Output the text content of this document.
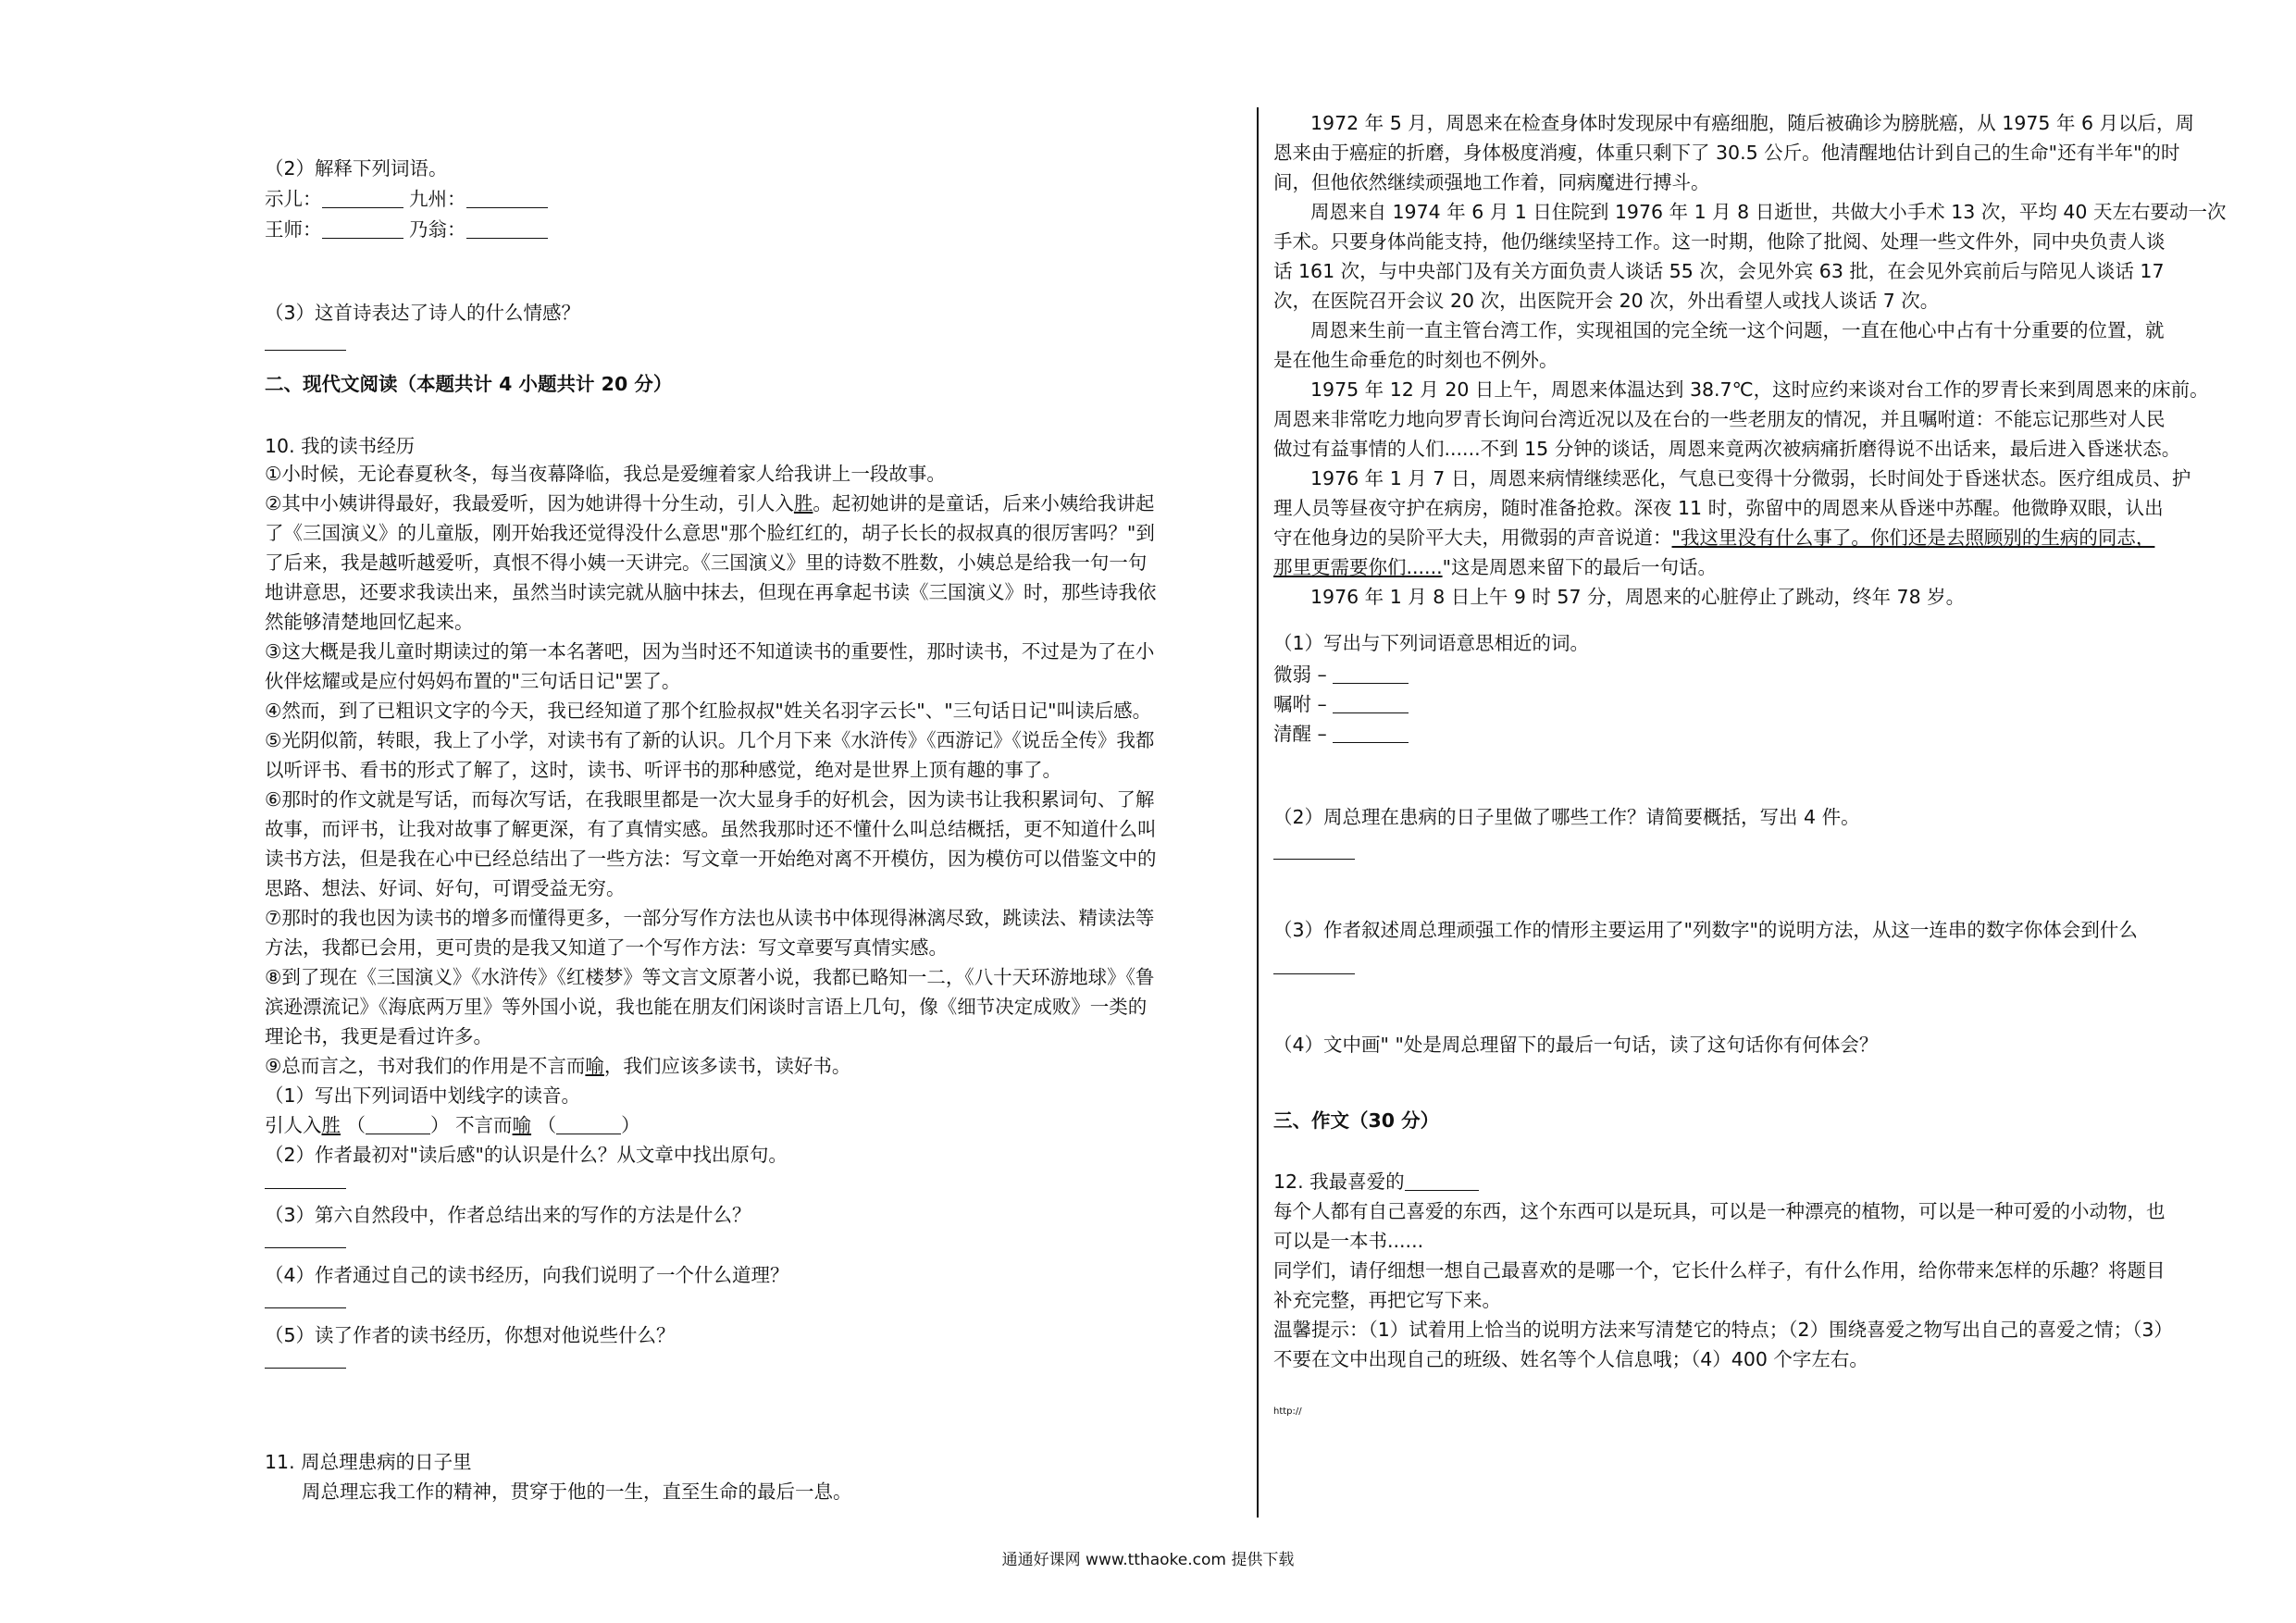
（2）解释下列词语。
示儿：	九州：
王师：	乃翁：
（3）这首诗表达了诗人的什么情感？
二、现代文阅读（本题共计 4 小题共计 20 分）
10. 我的读书经历
①小时候，无论春夏秋冬，每当夜幕降临，我总是爱缠着家人给我讲上一段故事。
②其中小姨讲得最好，我最爱听，因为她讲得十分生动，引人入胜。起初她讲的是童话，后来小姨给我讲起
了《三国演义》的儿童版，刚开始我还觉得没什么意思"那个脸红红的，胡子长长的叔叔真的很厉害吗？"到
了后来，我是越听越爱听，真恨不得小姨一天讲完。《三国演义》里的诗数不胜数，小姨总是给我一句一句
地讲意思，还要求我读出来，虽然当时读完就从脑中抹去，但现在再拿起书读《三国演义》时，那些诗我依
然能够清楚地回忆起来。
③这大概是我儿童时期读过的第一本名著吧，因为当时还不知道读书的重要性，那时读书，不过是为了在小
伙伴炫耀或是应付妈妈布置的"三句话日记"罢了。
④然而，到了已粗识文字的今天，我已经知道了那个红脸叔叔"姓关名羽字云长"、"三句话日记"叫读后感。
⑤光阴似箭，转眼，我上了小学，对读书有了新的认识。几个月下来《水浒传》《西游记》《说岳全传》我都
以听评书、看书的形式了解了，这时，读书、听评书的那种感觉，绝对是世界上顶有趣的事了。
⑥那时的作文就是写话，而每次写话，在我眼里都是一次大显身手的好机会，因为读书让我积累词句、了解
故事，而评书，让我对故事了解更深，有了真情实感。虽然我那时还不懂什么叫总结概括，更不知道什么叫
读书方法，但是我在心中已经总结出了一些方法：写文章一开始绝对离不开模仿，因为模仿可以借鉴文中的
思路、想法、好词、好句，可谓受益无穷。
⑦那时的我也因为读书的增多而懂得更多，一部分写作方法也从读书中体现得淋漓尽致，跳读法、精读法等
方法，我都已会用，更可贵的是我又知道了一个写作方法：写文章要写真情实感。
⑧到了现在《三国演义》《水浒传》《红楼梦》等文言文原著小说，我都已略知一二，《八十天环游地球》《鲁
滨逊漂流记》《海底两万里》等外国小说，我也能在朋友们闲谈时言语上几句，像《细节决定成败》一类的
理论书，我更是看过许多。
⑨总而言之，书对我们的作用是不言而喻，我们应该多读书，读好书。
（1）写出下列词语中划线字的读音。
引人入胜 （	） 不言而喻 （	）
（2）作者最初对"读后感"的认识是什么？从文章中找出原句。
（3）第六自然段中，作者总结出来的写作的方法是什么？
（4）作者通过自己的读书经历，向我们说明了一个什么道理？
（5）读了作者的读书经历，你想对他说些什么？
11. 周总理患病的日子里
周总理忘我工作的精神，贯穿于他的一生，直至生命的最后一息。
1972 年 5 月，周恩来在检查身体时发现尿中有癌细胞，随后被确诊为膀胱癌，从 1975 年 6 月以后，周
恩来由于癌症的折磨，身体极度消瘦，体重只剩下了 30.5 公斤。他清醒地估计到自己的生命"还有半年"的时
间，但他依然继续顽强地工作着，同病魔进行搏斗。
周恩来自 1974 年 6 月 1 日住院到 1976 年 1 月 8 日逝世，共做大小手术 13 次，平均 40 天左右要动一次
手术。只要身体尚能支持，他仍继续坚持工作。这一时期，他除了批阅、处理一些文件外，同中央负责人谈
话 161 次，与中央部门及有关方面负责人谈话 55 次，会见外宾 63 批，在会见外宾前后与陪见人谈话 17
次，在医院召开会议 20 次，出医院开会 20 次，外出看望人或找人谈话 7 次。
周恩来生前一直主管台湾工作，实现祖国的完全统一这个问题，一直在他心中占有十分重要的位置，就
是在他生命垂危的时刻也不例外。
1975 年 12 月 20 日上午，周恩来体温达到 38.7℃，这时应约来谈对台工作的罗青长来到周恩来的床前。
周恩来非常吃力地向罗青长询问台湾近况以及在台的一些老朋友的情况，并且嘱咐道：不能忘记那些对人民
做过有益事情的人们......不到 15 分钟的谈话，周恩来竟两次被病痛折磨得说不出话来，最后进入昏迷状态。
1976 年 1 月 7 日，周恩来病情继续恶化，气息已变得十分微弱，长时间处于昏迷状态。医疗组成员、护
理人员等昼夜守护在病房，随时准备抢救。深夜 11 时，弥留中的周恩来从昏迷中苏醒。他微睁双眼，认出
守在他身边的吴阶平大夫，用微弱的声音说道："我这里没有什么事了。你们还是去照顾别的生病的同志，
那里更需要你们......"这是周恩来留下的最后一句话。
1976 年 1 月 8 日上午 9 时 57 分，周恩来的心脏停止了跳动，终年 78 岁。
（1）写出与下列词语意思相近的词。
微弱 –
嘱咐 –
清醒 –
（2）周总理在患病的日子里做了哪些工作？请简要概括，写出 4 件。
（3）作者叙述周总理顽强工作的情形主要运用了"列数字"的说明方法，从这一连串的数字你体会到什么
（4）文中画" "处是周总理留下的最后一句话，读了这句话你有何体会？
三、作文（30 分）
12. 我最喜爱的
每个人都有自己喜爱的东西，这个东西可以是玩具，可以是一种漂亮的植物，可以是一种可爱的小动物，也
可以是一本书......
同学们，请仔细想一想自己最喜欢的是哪一个，它长什么样子，有什么作用，给你带来怎样的乐趣？将题目
补充完整，再把它写下来。
温馨提示：（1）试着用上恰当的说明方法来写清楚它的特点；（2）围绕喜爱之物写出自己的喜爱之情；（3）
不要在文中出现自己的班级、姓名等个人信息哦；（4）400 个字左右。
http://
通通好课网 www.tthaoke.com 提供下载
